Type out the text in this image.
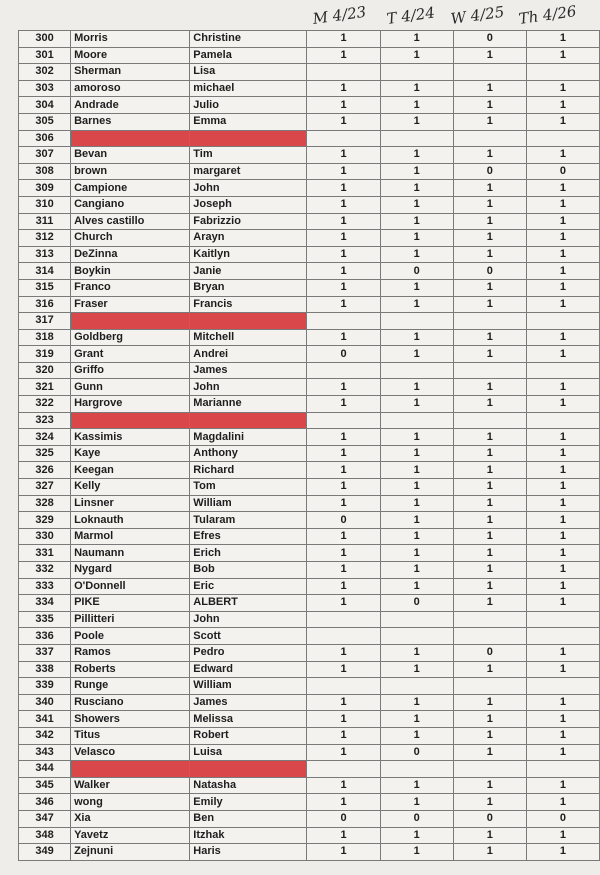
M 4/23 T 4/24 W 4/25 Th 4/26
300	Morris	Christine	1	1	0	1
301	Moore	Pamela	1	1	1	1
302	Sherman	Lisa				
303	amoroso	michael	1	1	1	1
304	Andrade	Julio	1	1	1	1
305	Barnes	Emma	1	1	1	1
306						
307	Bevan	Tim	1	1	1	1
308	brown	margaret	1	1	0	0
309	Campione	John	1	1	1	1
310	Cangiano	Joseph	1	1	1	1
311	Alves castillo	Fabrizzio	1	1	1	1
312	Church	Arayn	1	1	1	1
313	DeZinna	Kaitlyn	1	1	1	1
314	Boykin	Janie	1	0	0	1
315	Franco	Bryan	1	1	1	1
316	Fraser	Francis	1	1	1	1
317						
318	Goldberg	Mitchell	1	1	1	1
319	Grant	Andrei	0	1	1	1
320	Griffo	James				
321	Gunn	John	1	1	1	1
322	Hargrove	Marianne	1	1	1	1
323						
324	Kassimis	Magdalini	1	1	1	1
325	Kaye	Anthony	1	1	1	1
326	Keegan	Richard	1	1	1	1
327	Kelly	Tom	1	1	1	1
328	Linsner	William	1	1	1	1
329	Loknauth	Tularam	0	1	1	1
330	Marmol	Efres	1	1	1	1
331	Naumann	Erich	1	1	1	1
332	Nygard	Bob	1	1	1	1
333	O'Donnell	Eric	1	1	1	1
334	PIKE	ALBERT	1	0	1	1
335	Pillitteri	John				
336	Poole	Scott				
337	Ramos	Pedro	1	1	0	1
338	Roberts	Edward	1	1	1	1
339	Runge	William				
340	Rusciano	James	1	1	1	1
341	Showers	Melissa	1	1	1	1
342	Titus	Robert	1	1	1	1
343	Velasco	Luisa	1	0	1	1
344						
345	Walker	Natasha	1	1	1	1
346	wong	Emily	1	1	1	1
347	Xia	Ben	0	0	0	0
348	Yavetz	Itzhak	1	1	1	1
349	Zejnuni	Haris	1	1	1	1
